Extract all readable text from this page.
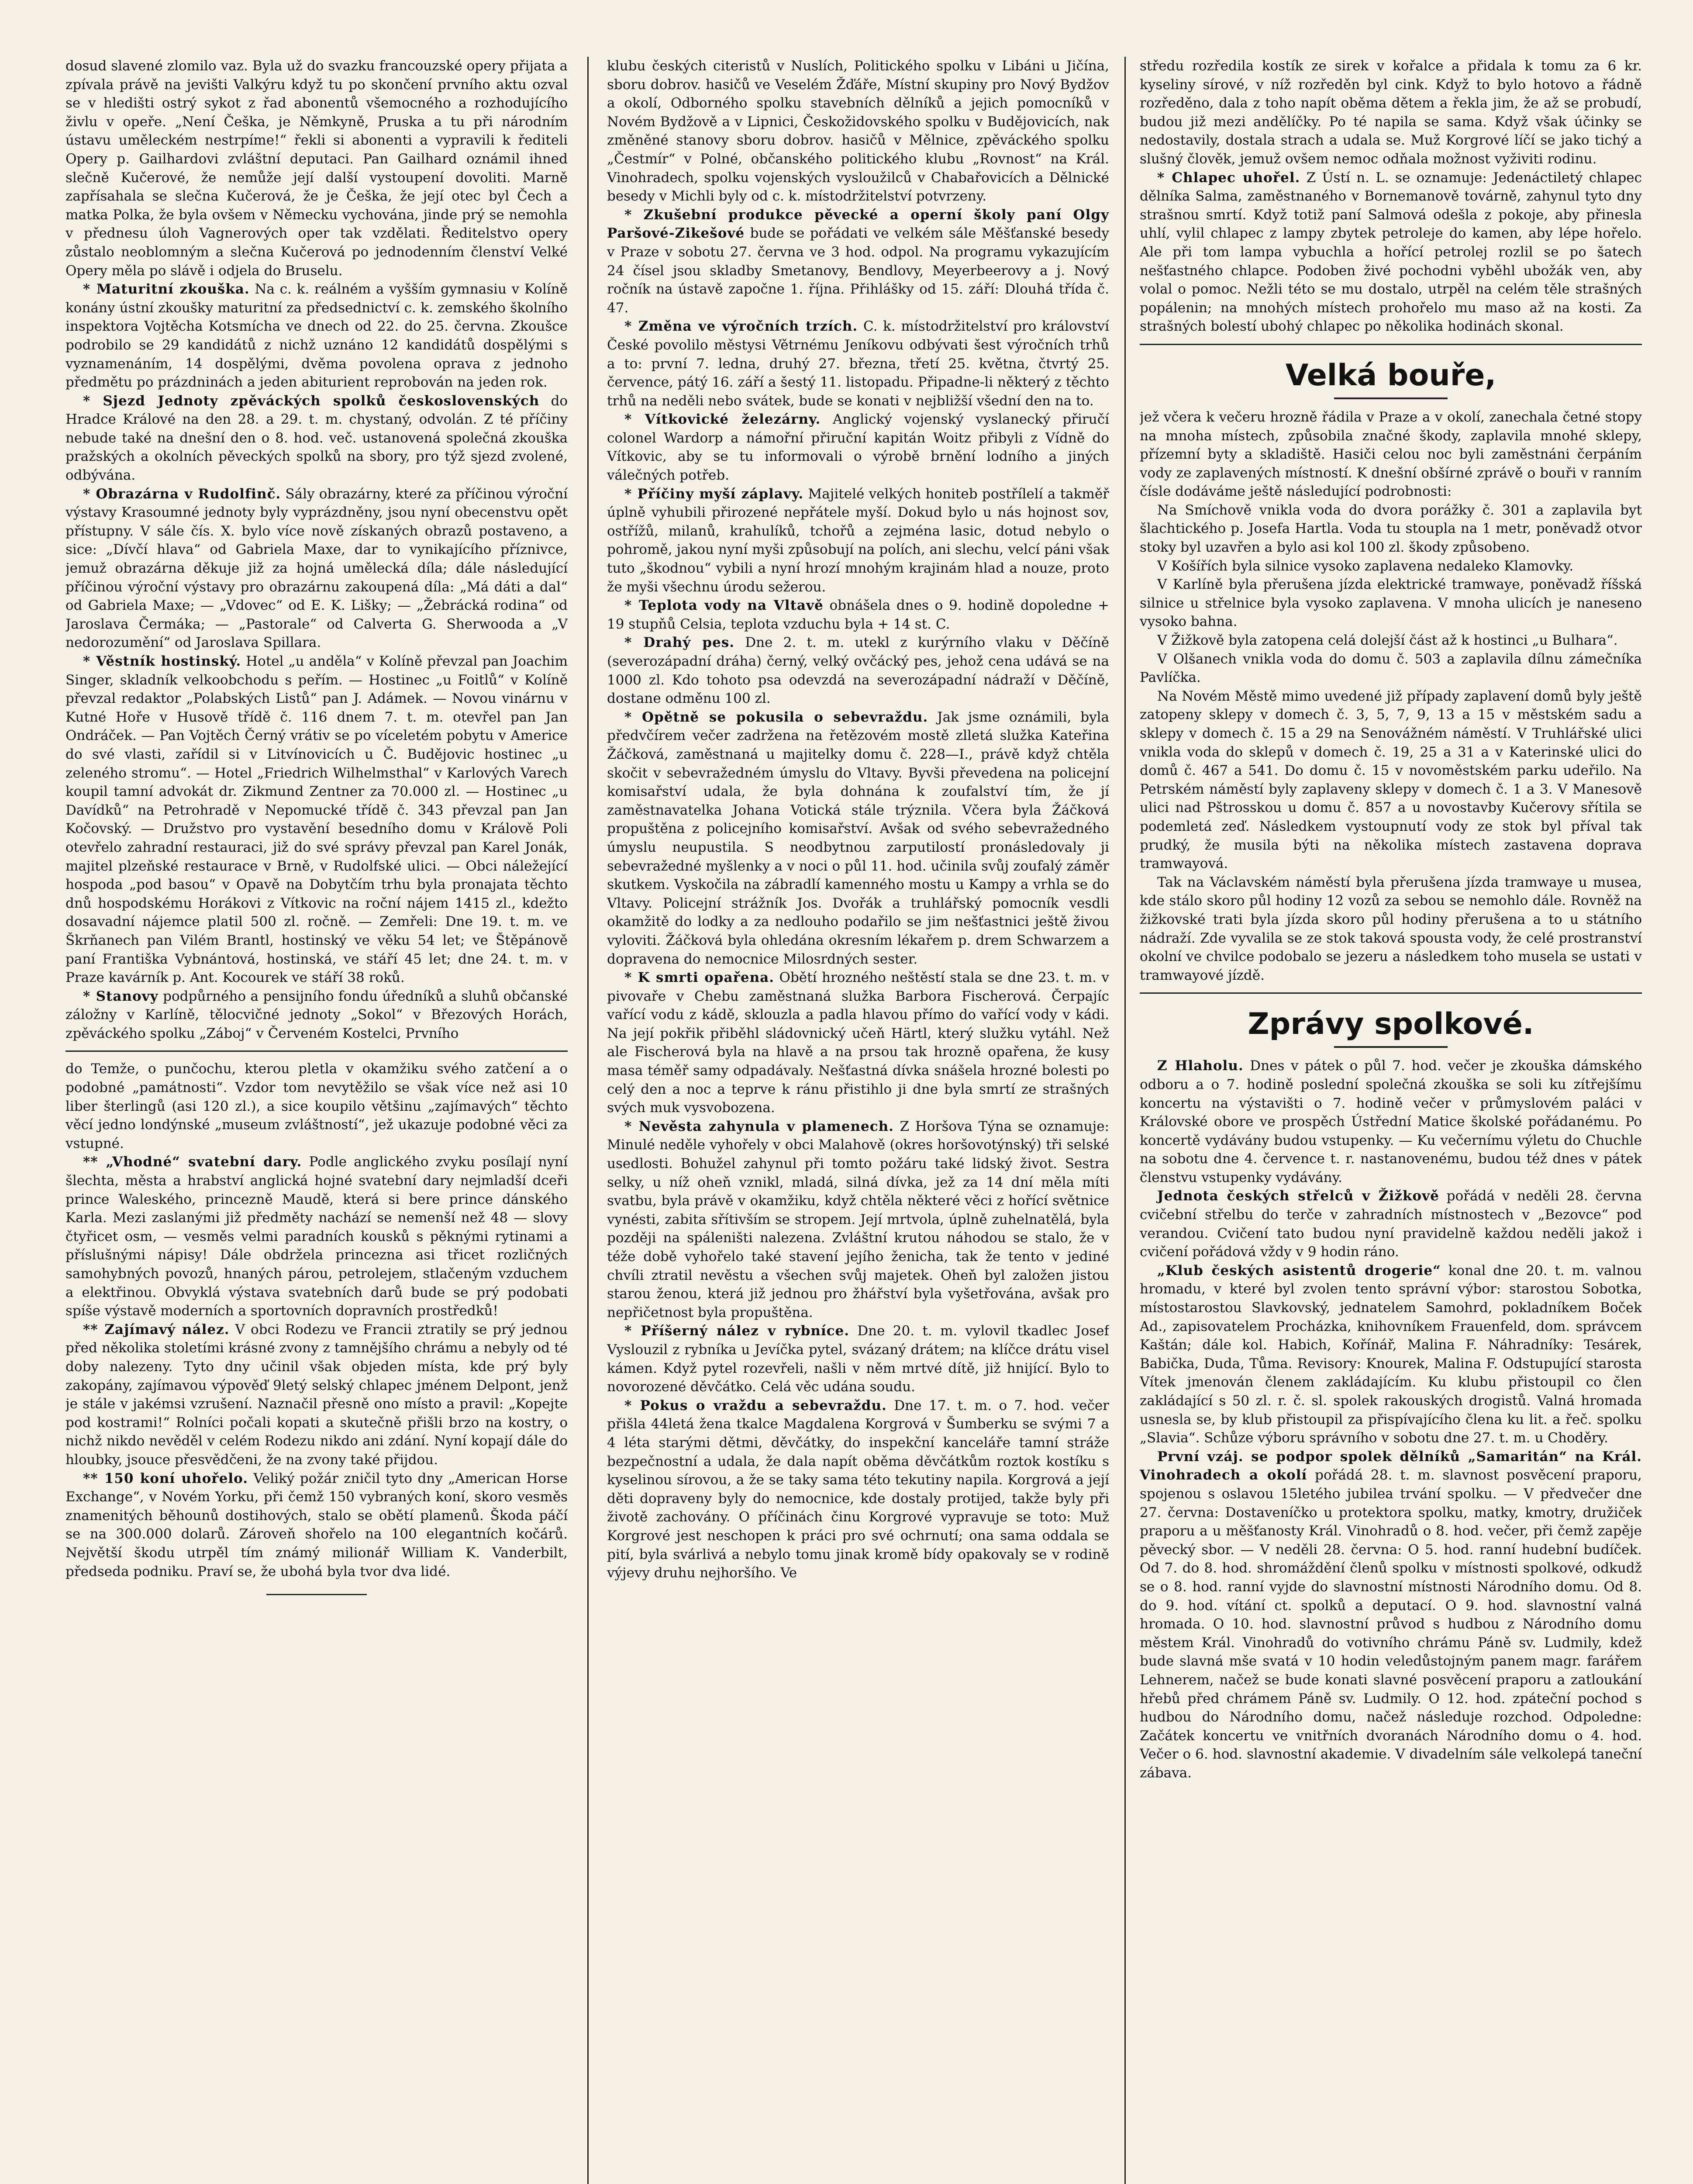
dosud slavené zlomilo vaz. Byla už do svazku francouzské opery přijata a zpívala právě na jevišti Valkýru když tu po skončení prvního aktu ozval se v hledišti ostrý sykot z řad abonentů všemocného a rozhodujícího živlu v opeře. „Není Češka, je Němkyně, Pruska a tu při národním ústavu uměleckém nestrpíme!“ řekli si abonenti a vypravili k řediteli Opery p. Gailhardovi zvláštní deputaci. Pan Gailhard oznámil ihned slečně Kučerové, že nemůže její další vystoupení dovoliti. Marně zapřísahala se slečna Kučerová, že je Češka, že její otec byl Čech a matka Polka, že byla ovšem v Německu vychována, jinde prý se nemohla v přednesu úloh Vagnerových oper tak vzdělati. Ředitelstvo opery zůstalo neoblomným a slečna Kučerová po jednodenním členství Velké Opery měla po slávě i odjela do Bruselu.

* Maturitní zkouška. Na c. k. reálném a vyšším gymnasiu v Kolíně konány ústní zkoušky maturitní za předsednictví c. k. zemského školního inspektora Vojtěcha Kotsmícha ve dnech od 22. do 25. června. Zkoušce podrobilo se 29 kandidátů z nichž uznáno 12 kandidátů dospělými s vyznamenáním, 14 dospělými, dvěma povolena oprava z jednoho předmětu po prázdninách a jeden abiturient reprobován na jeden rok.

* Sjezd Jednoty zpěváckých spolků československých do Hradce Králové na den 28. a 29. t. m. chystaný, odvolán. Z té příčiny nebude také na dnešní den o 8. hod. več. ustanovená společná zkouška pražských a okolních pěveckých spolků na sbory, pro týž sjezd zvolené, odbývána.

* Obrazárna v Rudolfinč. Sály obrazárny, které za příčinou výroční výstavy Krasoumné jednoty byly vyprázdněny, jsou nyní obecenstvu opět přístupny. V sále čís. X. bylo více nově získaných obrazů postaveno, a sice: „Dívčí hlava“ od Gabriela Maxe, dar to vynikajícího příznivce, jemuž obrazárna děkuje již za hojná umělecká díla; dále následující příčinou výroční výstavy pro obrazárnu zakoupená díla: „Má dáti a dal“ od Gabriela Maxe; — „Vdovec“ od E. K. Lišky; — „Žebrácká rodina“ od Jaroslava Čermáka; — „Pastorale“ od Calverta G. Sherwooda a „V nedorozumění“ od Jaroslava Spillara.

* Věstník hostinský. Hotel „u anděla“ v Kolíně převzal pan Joachim Singer, skladník velkoobchodu s peřím. — Hostinec „u Foitlů“ v Kolíně převzal redaktor „Polabských Listů“ pan J. Adámek. — Novou vinárnu v Kutné Hoře v Husově třídě č. 116 dnem 7. t. m. otevřel pan Jan Ondráček. — Pan Vojtěch Černý vrátiv se po víceletém pobytu v Americe do své vlasti, zařídil si v Litvínovicích u Č. Budějovic hostinec „u zeleného stromu“. — Hotel „Friedrich Wilhelmsthal“ v Karlových Varech koupil tamní advokát dr. Zikmund Zentner za 70.000 zl. — Hostinec „u Davídků“ na Petrohradě v Nepomucké třídě č. 343 převzal pan Jan Kočovský. — Družstvo pro vystavění besedního domu v Králově Poli otevřelo zahradní restauraci, již do své správy převzal pan Karel Jonák, majitel plzeňské restaurace v Brně, v Rudolfské ulici. — Obci náležející hospoda „pod basou“ v Opavě na Dobytčím trhu byla pronajata těchto dnů hospodskému Horákovi z Vítkovic na roční nájem 1415 zl., kdežto dosavadní nájemce platil 500 zl. ročně. — Zemřeli: Dne 19. t. m. ve Škrňanech pan Vilém Brantl, hostinský ve věku 54 let; ve Štěpánově paní Františka Vybnántová, hostinská, ve stáří 45 let; dne 24. t. m. v Praze kavárník p. Ant. Kocourek ve stáří 38 roků.

* Stanovy podpůrného a pensijního fondu úředníků a sluhů občanské záložny v Karlíně, tělocvičné jednoty „Sokol“ v Březových Horách, zpěváckého spolku „Záboj“ v Červeném Kostelci, Prvního

do Temže, o punčochu, kterou pletla v okamžiku svého zatčení a o podobné „památnosti“. Vzdor tom nevytěžilo se však více než asi 10 liber šterlingů (asi 120 zl.), a sice koupilo většinu „zajímavých“ těchto věcí jedno londýnské „museum zvláštností“, jež ukazuje podobné věci za vstupné.

** „Vhodné“ svatební dary. Podle anglického zvyku posílají nyní šlechta, města a hrabství anglická hojné svatební dary nejmladší dceři prince Waleského, princezně Maudě, která si bere prince dánského Karla. Mezi zaslanými již předměty nachází se nemenší než 48 — slovy čtyřicet osm, — vesměs velmi paradních kousků s pěknými rytinami a příslušnými nápisy! Dále obdržela princezna asi třicet rozličných samohybných povozů, hnaných párou, petrolejem, stlačeným vzduchem a elektřinou. Obvyklá výstava svatebních darů bude se prý podobati spíše výstavě moderních a sportovních dopravních prostředků!

** Zajímavý nález. V obci Rodezu ve Francii ztratily se prý jednou před několika stoletími krásné zvony z tamnějšího chrámu a nebyly od té doby nalezeny. Tyto dny učinil však objeden místa, kde prý byly zakopány, zajímavou výpověď 9letý selský chlapec jménem Delpont, jenž je stále v jakémsi vzrušení. Naznačil přesně ono místo a pravil: „Kopejte pod kostrami!“ Rolníci počali kopati a skutečně přišli brzo na kostry, o nichž nikdo nevěděl v celém Rodezu nikdo ani zdání. Nyní kopají dále do hloubky, jsouce přesvědčeni, že na zvony také přijdou.

** 150 koní uhořelo. Veliký požár zničil tyto dny „American Horse Exchange“, v Novém Yorku, při čemž 150 vybraných koní, skoro vesměs znamenitých běhounů dostihových, stalo se obětí plamenů. Škoda páčí se na 300.000 dolarů. Zároveň shořelo na 100 elegantních kočárů. Největší škodu utrpěl tím známý milionář William K. Vanderbilt, předseda podniku. Praví se, že ubohá byla tvor dva lidé.

klubu českých citeristů v Nuslích, Politického spolku v Libáni u Jičína, sboru dobrov. hasičů ve Veselém Žďáře, Místní skupiny pro Nový Bydžov a okolí, Odborného spolku stavebních dělníků a jejich pomocníků v Novém Bydžově a v Lipnici, Českožidovského spolku v Budějovicích, nak změněné stanovy sboru dobrov. hasičů v Mělnice, zpěváckého spolku „Čestmír“ v Polné, občanského politického klubu „Rovnost“ na Král. Vinohradech, spolku vojenských vysloužilců v Chabařovicích a Dělnické besedy v Michli byly od c. k. místodržitelství potvrzeny.

* Zkušební produkce pěvecké a operní školy paní Olgy Paršové-Zikešové bude se pořádati ve velkém sále Měšťanské besedy v Praze v sobotu 27. června ve 3 hod. odpol. Na programu vykazujícím 24 čísel jsou skladby Smetanovy, Bendlovy, Meyerbeerovy a j. Nový ročník na ústavě započne 1. října. Přihlášky od 15. září: Dlouhá třída č. 47.

* Změna ve výročních trzích. C. k. místodržitelství pro království České povolilo městysi Větrnému Jeníkovu odbývati šest výročních trhů a to: první 7. ledna, druhý 27. března, třetí 25. května, čtvrtý 25. července, pátý 16. září a šestý 11. listopadu. Připadne-li některý z těchto trhů na neděli nebo svátek, bude se konati v nejbližší všední den na to.

* Vítkovické železárny. Anglický vojenský vyslanecký přiručí colonel Wardorp a námořní přiruční kapitán Woitz přibyli z Vídně do Vítkovic, aby se tu informovali o výrobě brnění lodního a jiných válečných potřeb.

* Příčiny myší záplavy. Majitelé velkých honiteb postřílelí a takměř úplně vyhubili přirozené nepřátele myší. Dokud bylo u nás hojnost sov, ostřížů, milanů, krahulíků, tchořů a zejména lasic, dotud nebylo o pohromě, jakou nyní myši způsobují na polích, ani slechu, velcí páni však tuto „škodnou“ vybili a nyní hrozí mnohým krajinám hlad a nouze, proto že myši všechnu úrodu sežerou.

* Teplota vody na Vltavě obnášela dnes o 9. hodině dopoledne + 19 stupňů Celsia, teplota vzduchu byla + 14 st. C.

* Drahý pes. Dne 2. t. m. utekl z kurýrního vlaku v Děčíně (severozápadní dráha) černý, velký ovčácký pes, jehož cena udává se na 1000 zl. Kdo tohoto psa odevzdá na severozápadní nádraží v Děčíně, dostane odměnu 100 zl.

* Opětně se pokusila o sebevraždu. Jak jsme oznámili, byla předvčírem večer zadržena na řetězovém mostě zlletá služka Kateřina Žáčková, zaměstnaná u majitelky domu č. 228—I., právě když chtěla skočit v sebevražedném úmyslu do Vltavy. Byvši převedena na policejní komisařství udala, že byla dohnána k zoufalství tím, že jí zaměstnavatelka Johana Votická stále trýznila. Včera byla Žáčková propuštěna z policejního komisařství. Avšak od svého sebevražedného úmyslu neupustila. S neodbytnou zarputilostí pronásledovaly ji sebevražedné myšlenky a v noci o půl 11. hod. učinila svůj zoufalý záměr skutkem. Vyskočila na zábradlí kamenného mostu u Kampy a vrhla se do Vltavy. Policejní strážník Jos. Dvořák a truhlářský pomocník vesdli okamžitě do lodky a za nedlouho podařilo se jim nešťastnici ještě živou vyloviti. Žáčková byla ohledána okresním lékařem p. drem Schwarzem a dopravena do nemocnice Milosrdných sester.

* K smrti opařena. Obětí hrozného neštěstí stala se dne 23. t. m. v pivovaře v Chebu zaměstnaná služka Barbora Fischerová. Čerpajíc vařící vodu z kádě, sklouzla a padla hlavou přímo do vařící vody v kádi. Na její pokřik přiběhl sládovnický učeň Härtl, který služku vytáhl. Než ale Fischerová byla na hlavě a na prsou tak hrozně opařena, že kusy masa téměř samy odpadávaly. Nešťastná dívka snášela hrozné bolesti po celý den a noc a teprve k ránu přistihlo ji dne byla smrtí ze strašných svých muk vysvobozena.

* Nevěsta zahynula v plamenech. Z Horšova Týna se oznamuje: Minulé neděle vyhořely v obci Malahově (okres horšovotýnský) tři selské usedlosti. Bohužel zahynul při tomto požáru také lidský život. Sestra selky, u níž oheň vznikl, mladá, silná dívka, jež za 14 dní měla míti svatbu, byla právě v okamžiku, když chtěla některé věci z hořící světnice vynésti, zabita sřítivším se stropem. Její mrtvola, úplně zuhelnatělá, byla později na spáleništi nalezena. Zvláštní krutou náhodou se stalo, že v téže době vyhořelo také stavení jejího ženicha, tak že tento v jediné chvíli ztratil nevěstu a všechen svůj majetek. Oheň byl založen jistou starou ženou, která již jednou pro žhářství byla vyšetřována, avšak pro nepřičetnost byla propuštěna.

* Příšerný nález v rybníce. Dne 20. t. m. vylovil tkadlec Josef Vyslouzil z rybníka u Jevíčka pytel, svázaný drátem; na klíčce drátu visel kámen. Když pytel rozevřeli, našli v něm mrtvé dítě, již hnijící. Bylo to novorozené děvčátko. Celá věc udána soudu.

* Pokus o vraždu a sebevraždu. Dne 17. t. m. o 7. hod. večer přišla 44letá žena tkalce Magdalena Korgrová v Šumberku se svými 7 a 4 léta starými dětmi, děvčátky, do inspekční kanceláře tamní stráže bezpečnostní a udala, že dala napít oběma děvčátkům roztok kostíku s kyselinou sírovou, a že se taky sama této tekutiny napila. Korgrová a její děti dopraveny byly do nemocnice, kde dostaly protijed, takže byly při životě zachovány. O příčinách činu Korgrové vypravuje se toto: Muž Korgrové jest neschopen k práci pro své ochrnutí; ona sama oddala se pití, byla svárlivá a nebylo tomu jinak kromě bídy opakovaly se v rodině výjevy druhu nejhoršího. Ve

středu rozředila kostík ze sirek v kořalce a přidala k tomu za 6 kr. kyseliny sírové, v níž rozředěn byl cink. Když to bylo hotovo a řádně rozředěno, dala z toho napít oběma dětem a řekla jim, že až se probudí, budou již mezi andělíčky. Po té napila se sama. Když však účinky se nedostavily, dostala strach a udala se. Muž Korgrové líčí se jako tichý a slušný člověk, jemuž ovšem nemoc odňala možnost vyživiti rodinu.

* Chlapec uhořel. Z Ústí n. L. se oznamuje: Jedenáctiletý chlapec dělníka Salma, zaměstnaného v Bornemanově továrně, zahynul tyto dny strašnou smrtí. Když totiž paní Salmová odešla z pokoje, aby přinesla uhlí, vylil chlapec z lampy zbytek petroleje do kamen, aby lépe hořelo. Ale při tom lampa vybuchla a hořící petrolej rozlil se po šatech nešťastného chlapce. Podoben živé pochodni vyběhl ubožák ven, aby volal o pomoc. Nežli této se mu dostalo, utrpěl na celém těle strašných popálenin; na mnohých místech prohořelo mu maso až na kosti. Za strašných bolestí ubohý chlapec po několika hodinách skonal.

Velká bouře,

jež včera k večeru hrozně řádila v Praze a v okolí, zanechala četné stopy na mnoha místech, způsobila značné škody, zaplavila mnohé sklepy, přízemní byty a skladiště. Hasiči celou noc byli zaměstnáni čerpáním vody ze zaplavených místností. K dnešní obšírné zprávě o bouři v ranním čísle dodáváme ještě následující podrobnosti:

Na Smíchově vnikla voda do dvora porážky č. 301 a zaplavila byt šlachtického p. Josefa Hartla. Voda tu stoupla na 1 metr, poněvadž otvor stoky byl uzavřen a bylo asi kol 100 zl. škody způsobeno.

V Košířích byla silnice vysoko zaplavena nedaleko Klamovky.

V Karlíně byla přerušena jízda elektrické tramwaye, poněvadž říšská silnice u střelnice byla vysoko zaplavena. V mnoha ulicích je naneseno vysoko bahna.

V Žižkově byla zatopena celá dolejší část až k hostinci „u Bulhara“.

V Olšanech vnikla voda do domu č. 503 a zaplavila dílnu zámečníka Pavlíčka.

Na Novém Městě mimo uvedené již případy zaplavení domů byly ještě zatopeny sklepy v domech č. 3, 5, 7, 9, 13 a 15 v městském sadu a sklepy v domech č. 15 a 29 na Senovážném náměstí. V Truhlářské ulici vnikla voda do sklepů v domech č. 19, 25 a 31 a v Katerinské ulici do domů č. 467 a 541. Do domu č. 15 v novoměstském parku udeřilo. Na Petrském náměstí byly zaplaveny sklepy v domech č. 1 a 3. V Manesově ulici nad Pštrosskou u domu č. 857 a u novostavby Kučerovy sřítila se podemletá zeď. Následkem vystoupnutí vody ze stok byl příval tak prudký, že musila býti na několika místech zastavena doprava tramwayová.

Tak na Václavském náměstí byla přerušena jízda tramwaye u musea, kde stálo skoro půl hodiny 12 vozů za sebou se nemohlo dále. Rovněž na žižkovské trati byla jízda skoro půl hodiny přerušena a to u státního nádraží. Zde vyvalila se ze stok taková spousta vody, že celé prostranství okolní ve chvilce podobalo se jezeru a následkem toho musela se ustati v tramwayové jízdě.

Zprávy spolkové.

Z Hlaholu. Dnes v pátek o půl 7. hod. večer je zkouška dámského odboru a o 7. hodině poslední společná zkouška se soli ku zítřejšímu koncertu na výstavišti o 7. hodině večer v průmyslovém paláci v Královské obore ve prospěch Ústřední Matice školské pořádanému. Po koncertě vydávány budou vstupenky. — Ku večernímu výletu do Chuchle na sobotu dne 4. července t. r. nastanovenému, budou též dnes v pátek členstvu vstupenky vydávány.

Jednota českých střelců v Žižkově pořádá v neděli 28. června cvičební střelbu do terče v zahradních místnostech v „Bezovce“ pod verandou. Cvičení tato budou nyní pravidelně každou neděli jakož i cvičení pořádová vždy v 9 hodin ráno.

„Klub českých asistentů drogerie“ konal dne 20. t. m. valnou hromadu, v které byl zvolen tento správní výbor: starostou Sobotka, místostarostou Slavkovský, jednatelem Samohrd, pokladníkem Boček Ad., zapisovatelem Procházka, knihovníkem Frauenfeld, dom. správcem Kaštán; dále kol. Habich, Kořínář, Malina F. Náhradníky: Tesárek, Babička, Duda, Tůma. Revisory: Knourek, Malina F. Odstupující starosta Vítek jmenován členem zakládajícím. Ku klubu přistoupil co člen zakládající s 50 zl. r. č. sl. spolek rakouských drogistů. Valná hromada usnesla se, by klub přistoupil za přispívajícího člena ku lit. a řeč. spolku „Slavia“. Schůze výboru správního v sobotu dne 27. t. m. u Choděry.

První vzáj. se podpor spolek dělníků „Samaritán“ na Král. Vinohradech a okolí pořádá 28. t. m. slavnost posvěcení praporu, spojenou s oslavou 15letého jubilea trvání spolku. — V předvečer dne 27. června: Dostaveníčko u protektora spolku, matky, kmotry, družiček praporu a u měšťanosty Král. Vinohradů o 8. hod. večer, při čemž zapěje pěvecký sbor. — V neděli 28. června: O 5. hod. ranní hudební budíček. Od 7. do 8. hod. shromáždění členů spolku v místnosti spolkové, odkudž se o 8. hod. ranní vyjde do slavnostní místnosti Národního domu. Od 8. do 9. hod. vítání ct. spolků a deputací. O 9. hod. slavnostní valná hromada. O 10. hod. slavnostní průvod s hudbou z Národního domu městem Král. Vinohradů do votivního chrámu Páně sv. Ludmily, kdež bude slavná mše svatá v 10 hodin veledůstojným panem magr. farářem Lehnerem, načež se bude konati slavné posvěcení praporu a zatloukání hřebů před chrámem Páně sv. Ludmily. O 12. hod. zpáteční pochod s hudbou do Národního domu, načež následuje rozchod. Odpoledne: Začátek koncertu ve vnitřních dvoranách Národního domu o 4. hod. Večer o 6. hod. slavnostní akademie. V divadelním sále velkolepá taneční zábava.
